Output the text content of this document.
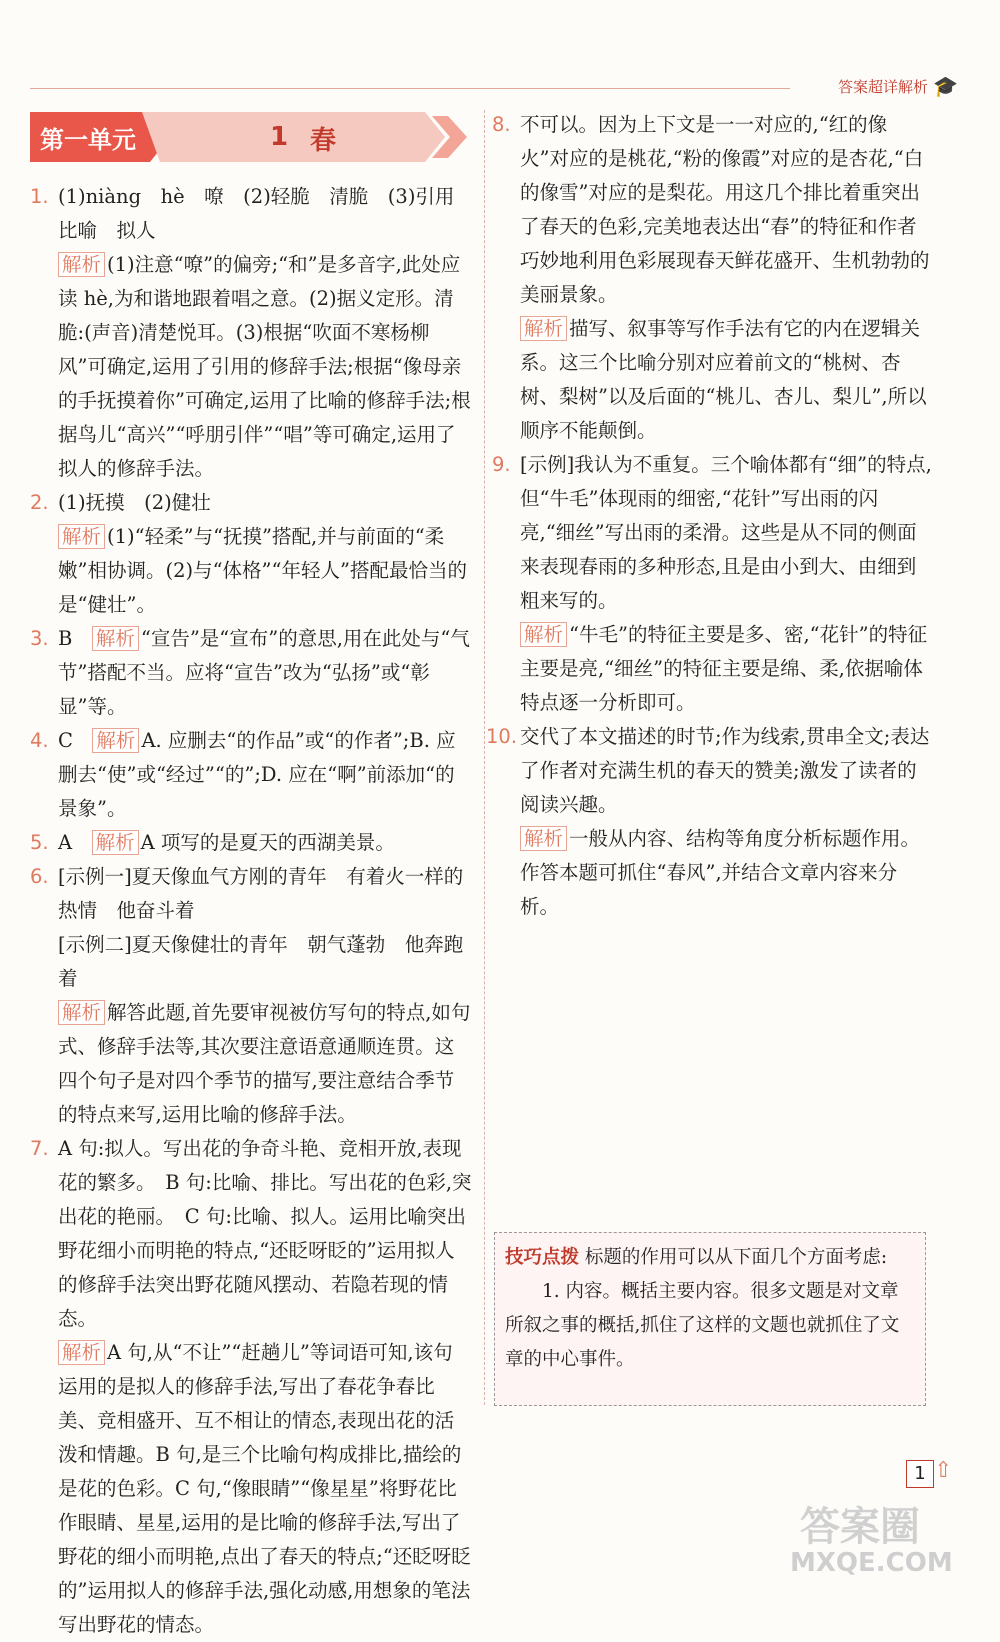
答案超详解析 🎓
第一单元	1 春
1. (1)niàng　hè　嘹　(2)轻脆　清脆　(3)引用　比喻　拟人

解析 (1)注意“嘹”的偏旁;“和”是多音字,此处应读 hè,为和谐地跟着唱之意。(2)据义定形。清脆:(声音)清楚悦耳。(3)根据“吹面不寒杨柳风”可确定,运用了引用的修辞手法;根据“像母亲的手抚摸着你”可确定,运用了比喻的修辞手法;根据鸟儿“高兴”“呼朋引伴”“唱”等可确定,运用了拟人的修辞手法。

2. (1)抚摸　(2)健壮

解析 (1)“轻柔”与“抚摸”搭配,并与前面的“柔嫩”相协调。(2)与“体格”“年轻人”搭配最恰当的是“健壮”。

3. B　解析 “宣告”是“宣布”的意思,用在此处与“气节”搭配不当。应将“宣告”改为“弘扬”或“彰显”等。

4. C　解析 A. 应删去“的作品”或“的作者”;B. 应删去“使”或“经过”“的”;D. 应在“啊”前添加“的景象”。

5. A　解析 A 项写的是夏天的西湖美景。

6. [示例一]夏天像血气方刚的青年　有着火一样的热情　他奋斗着

[示例二]夏天像健壮的青年　朝气蓬勃　他奔跑着

解析 解答此题,首先要审视被仿写句的特点,如句式、修辞手法等,其次要注意语意通顺连贯。这四个句子是对四个季节的描写,要注意结合季节的特点来写,运用比喻的修辞手法。

7. A 句:拟人。写出花的争奇斗艳、竞相开放,表现花的繁多。　B 句:比喻、排比。写出花的色彩,突出花的艳丽。　C 句:比喻、拟人。运用比喻突出野花细小而明艳的特点,“还眨呀眨的”运用拟人的修辞手法突出野花随风摆动、若隐若现的情态。

解析 A 句,从“不让”“赶趟儿”等词语可知,该句运用的是拟人的修辞手法,写出了春花争春比美、竞相盛开、互不相让的情态,表现出花的活泼和情趣。B 句,是三个比喻句构成排比,描绘的是花的色彩。C 句,“像眼睛”“像星星”将野花比作眼睛、星星,运用的是比喻的修辞手法,写出了野花的细小而明艳,点出了春天的特点;“还眨呀眨的”运用拟人的修辞手法,强化动感,用想象的笔法写出野花的情态。

8. 不可以。因为上下文是一一对应的,“红的像火”对应的是桃花,“粉的像霞”对应的是杏花,“白的像雪”对应的是梨花。用这几个排比着重突出了春天的色彩,完美地表达出“春”的特征和作者巧妙地利用色彩展现春天鲜花盛开、生机勃勃的美丽景象。

解析 描写、叙事等写作手法有它的内在逻辑关系。这三个比喻分别对应着前文的“桃树、杏树、梨树”以及后面的“桃儿、杏儿、梨儿”,所以顺序不能颠倒。

9. [示例]我认为不重复。三个喻体都有“细”的特点,但“牛毛”体现雨的细密,“花针”写出雨的闪亮,“细丝”写出雨的柔滑。这些是从不同的侧面来表现春雨的多种形态,且是由小到大、由细到粗来写的。

解析 “牛毛”的特征主要是多、密,“花针”的特征主要是亮,“细丝”的特征主要是绵、柔,依据喻体特点逐一分析即可。

10. 交代了本文描述的时节;作为线索,贯串全文;表达了作者对充满生机的春天的赞美;激发了读者的阅读兴趣。

解析 一般从内容、结构等角度分析标题作用。作答本题可抓住“春风”,并结合文章内容来分析。

技巧点拨 标题的作用可以从下面几个方面考虑:
1. 内容。概括主要内容。很多文题是对文章所叙之事的概括,抓住了这样的文题也就抓住了文章的中心事件。
1 ⇧
答案圈
MXQE.COM
